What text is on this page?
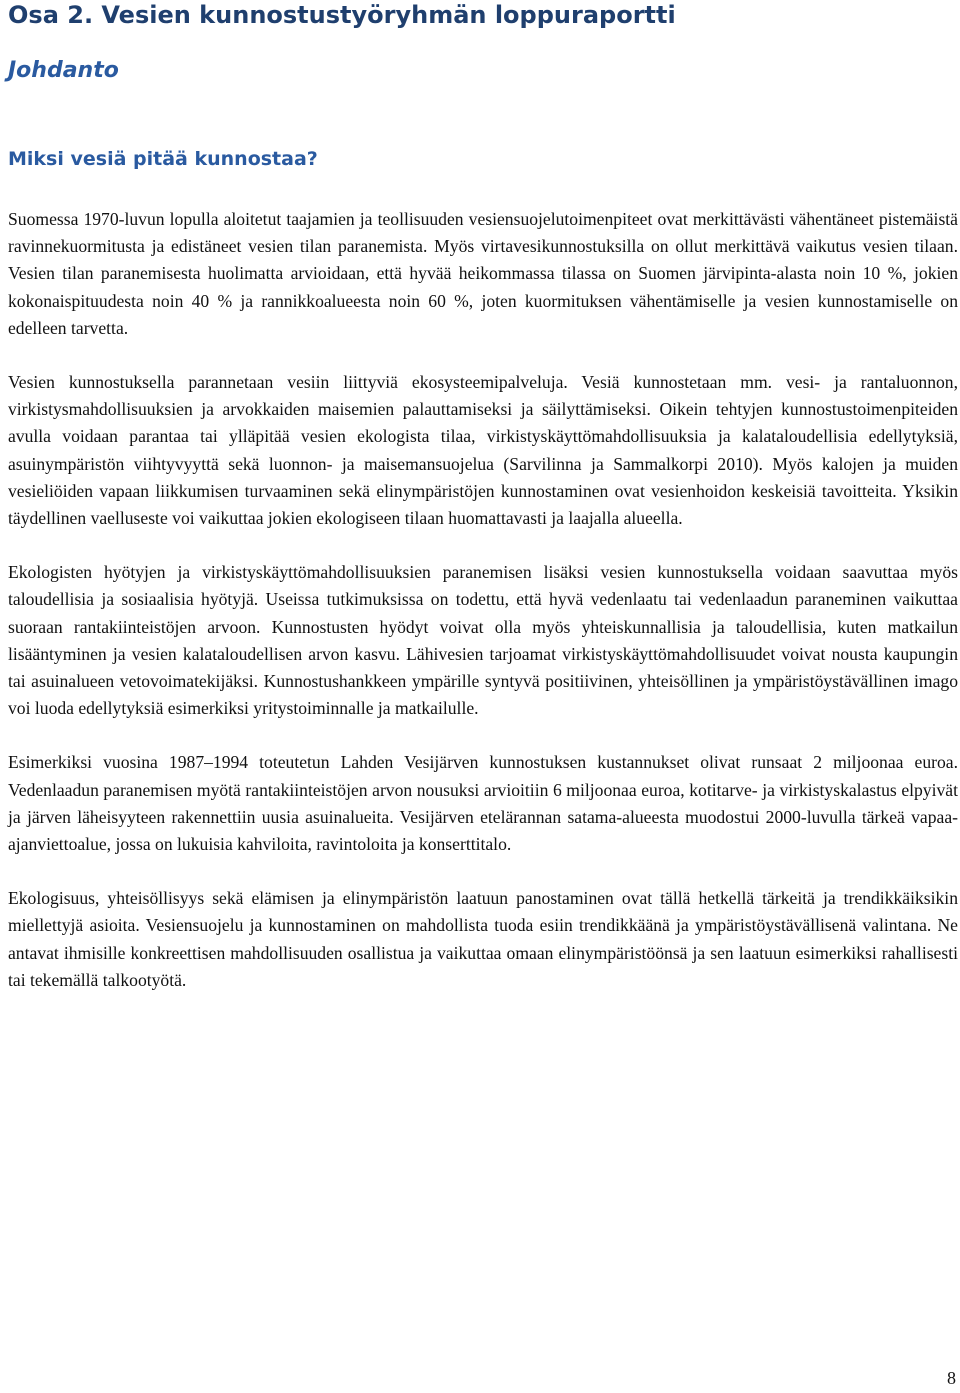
Osa 2. Vesien kunnostustyöryhmän loppuraportti
Johdanto
Miksi vesiä pitää kunnostaa?

Suomessa 1970-luvun lopulla aloitetut taajamien ja teollisuuden vesiensuojelutoimenpiteet ovat merkittävästi vähentäneet pistemäistä ravinnekuormitusta ja edistäneet vesien tilan paranemista. Myös virtavesikunnostuksilla on ollut merkittävä vaikutus vesien tilaan. Vesien tilan paranemisesta huolimatta arvioidaan, että hyvää heikommassa tilassa on Suomen järvipinta-alasta noin 10 %, jokien kokonaispituudesta noin 40 % ja rannikkoalueesta noin 60 %, joten kuormituksen vähentämiselle ja vesien kunnostamiselle on edelleen tarvetta.

Vesien kunnostuksella parannetaan vesiin liittyviä ekosysteemipalveluja. Vesiä kunnostetaan mm. vesi- ja rantaluonnon, virkistysmahdollisuuksien ja arvokkaiden maisemien palauttamiseksi ja säilyttämiseksi. Oikein tehtyjen kunnostustoimenpiteiden avulla voidaan parantaa tai ylläpitää vesien ekologista tilaa, virkistyskäyttömahdollisuuksia ja kalataloudellisia edellytyksiä, asuinympäristön viihtyvyyttä sekä luonnon- ja maisemansuojelua (Sarvilinna ja Sammalkorpi 2010). Myös kalojen ja muiden vesieliöiden vapaan liikkumisen turvaaminen sekä elinympäristöjen kunnostaminen ovat vesienhoidon keskeisiä tavoitteita. Yksikin täydellinen vaelluseste voi vaikuttaa jokien ekologiseen tilaan huomattavasti ja laajalla alueella.

Ekologisten hyötyjen ja virkistyskäyttömahdollisuuksien paranemisen lisäksi vesien kunnostuksella voidaan saavuttaa myös taloudellisia ja sosiaalisia hyötyjä. Useissa tutkimuksissa on todettu, että hyvä vedenlaatu tai vedenlaadun paraneminen vaikuttaa suoraan rantakiinteistöjen arvoon. Kunnostusten hyödyt voivat olla myös yhteiskunnallisia ja taloudellisia, kuten matkailun lisääntyminen ja vesien kalataloudellisen arvon kasvu. Lähivesien tarjoamat virkistyskäyttömahdollisuudet voivat nousta kaupungin tai asuinalueen vetovoimatekijäksi. Kunnostushankkeen ympärille syntyvä positiivinen, yhteisöllinen ja ympäristöystävällinen imago voi luoda edellytyksiä esimerkiksi yritystoiminnalle ja matkailulle.

Esimerkiksi vuosina 1987–1994 toteutetun Lahden Vesijärven kunnostuksen kustannukset olivat runsaat 2 miljoonaa euroa. Vedenlaadun paranemisen myötä rantakiinteistöjen arvon nousuksi arvioitiin 6 miljoonaa euroa, kotitarve- ja virkistyskalastus elpyivät ja järven läheisyyteen rakennettiin uusia asuinalueita. Vesijärven etelärannan satama-alueesta muodostui 2000-luvulla tärkeä vapaa-ajanviettoalue, jossa on lukuisia kahviloita, ravintoloita ja konserttitalo.

Ekologisuus, yhteisöllisyys sekä elämisen ja elinympäristön laatuun panostaminen ovat tällä hetkellä tärkeitä ja trendikkäiksikin miellettyjä asioita. Vesiensuojelu ja kunnostaminen on mahdollista tuoda esiin trendikkäänä ja ympäristöystävällisenä valintana. Ne antavat ihmisille konkreettisen mahdollisuuden osallistua ja vaikuttaa omaan elinympäristöönsä ja sen laatuun esimerkiksi rahallisesti tai tekemällä talkootyötä.

8
